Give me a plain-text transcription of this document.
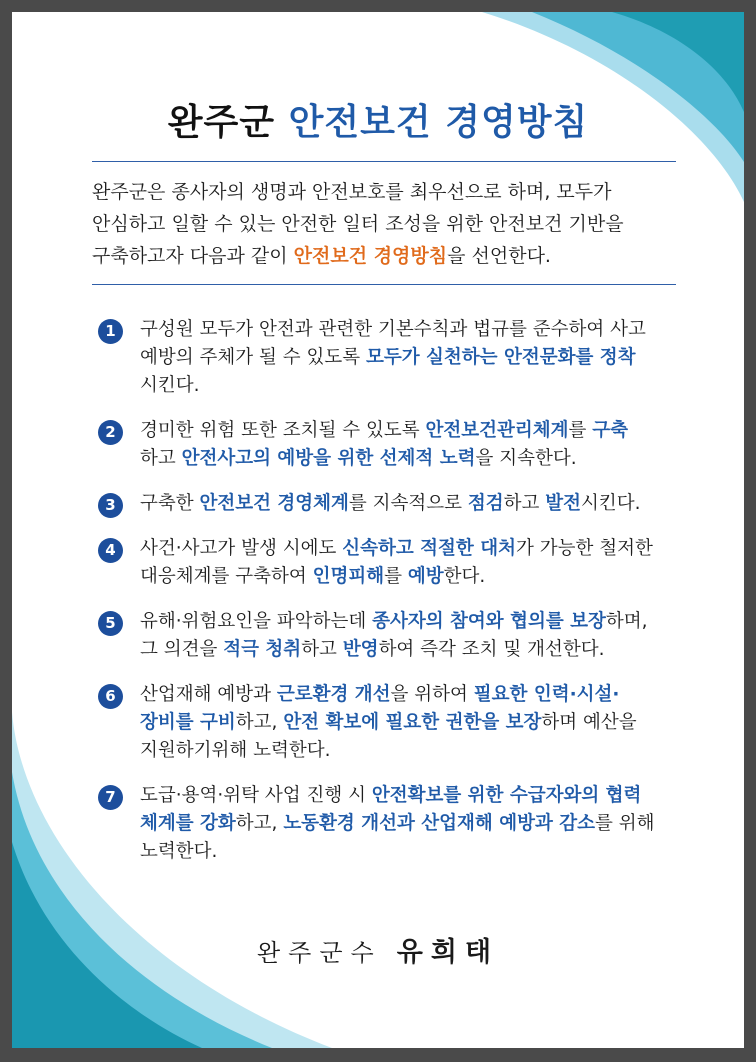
완주군 안전보건 경영방침
완주군은 종사자의 생명과 안전보호를 최우선으로 하며, 모두가
안심하고 일할 수 있는 안전한 일터 조성을 위한 안전보건 기반을
구축하고자 다음과 같이 안전보건 경영방침을 선언한다.
1	구성원 모두가 안전과 관련한 기본수칙과 법규를 준수하여 사고
예방의 주체가 될 수 있도록 모두가 실천하는 안전문화를 정착
시킨다.
2	경미한 위험 또한 조치될 수 있도록 안전보건관리체계를 구축
하고 안전사고의 예방을 위한 선제적 노력을 지속한다.
3	구축한 안전보건 경영체계를 지속적으로 점검하고 발전시킨다.
4	사건·사고가 발생 시에도 신속하고 적절한 대처가 가능한 철저한
대응체계를 구축하여 인명피해를 예방한다.
5	유해·위험요인을 파악하는데 종사자의 참여와 협의를 보장하며,
그 의견을 적극 청취하고 반영하여 즉각 조치 및 개선한다.
6	산업재해 예방과 근로환경 개선을 위하여 필요한 인력·시설·
장비를 구비하고, 안전 확보에 필요한 권한을 보장하며 예산을
지원하기위해 노력한다.
7	도급·용역·위탁 사업 진행 시 안전확보를 위한 수급자와의 협력
체계를 강화하고, 노동환경 개선과 산업재해 예방과 감소를 위해
노력한다.
완주군수 유희태
